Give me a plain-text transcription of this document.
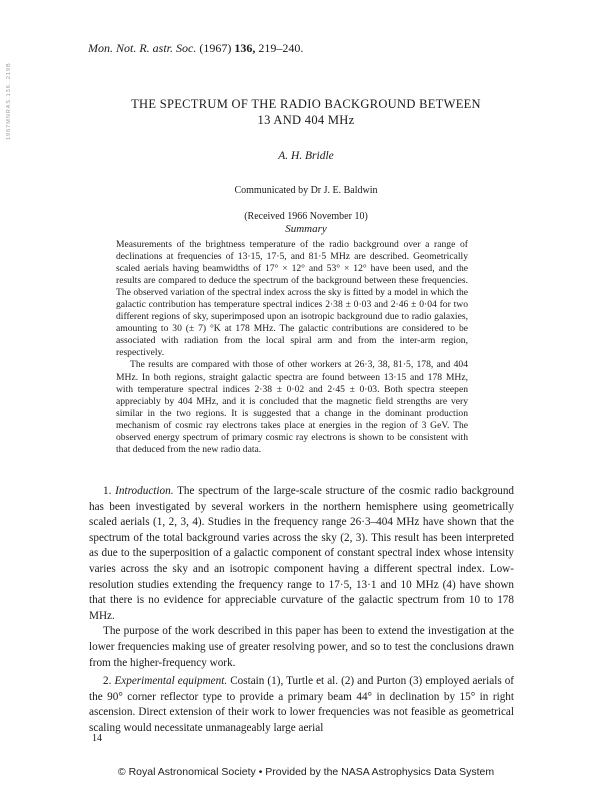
1967MNRAS.136..219B
Mon. Not. R. astr. Soc. (1967) 136, 219–240.
THE SPECTRUM OF THE RADIO BACKGROUND BETWEEN
13 AND 404 MHz
A. H. Bridle
Communicated by Dr J. E. Baldwin
(Received 1966 November 10)
Summary

Measurements of the brightness temperature of the radio background over a range of declinations at frequencies of 13·15, 17·5, and 81·5 MHz are described. Geometrically scaled aerials having beamwidths of 17° × 12° and 53° × 12° have been used, and the results are compared to deduce the spectrum of the background between these frequencies. The observed variation of the spectral index across the sky is fitted by a model in which the galactic contribution has temperature spectral indices 2·38 ± 0·03 and 2·46 ± 0·04 for two different regions of sky, superimposed upon an isotropic background due to radio galaxies, amounting to 30 (± 7) °K at 178 MHz. The galactic contributions are considered to be associated with radiation from the local spiral arm and from the inter-arm region, respectively.

The results are compared with those of other workers at 26·3, 38, 81·5, 178, and 404 MHz. In both regions, straight galactic spectra are found between 13·15 and 178 MHz, with temperature spectral indices 2·38 ± 0·02 and 2·45 ± 0·03. Both spectra steepen appreciably by 404 MHz, and it is concluded that the magnetic field strengths are very similar in the two regions. It is suggested that a change in the dominant production mechanism of cosmic ray electrons takes place at energies in the region of 3 GeV. The observed energy spectrum of primary cosmic ray electrons is shown to be consistent with that deduced from the new radio data.

1. Introduction. The spectrum of the large-scale structure of the cosmic radio background has been investigated by several workers in the northern hemisphere using geometrically scaled aerials (1, 2, 3, 4). Studies in the frequency range 26·3–404 MHz have shown that the spectrum of the total background varies across the sky (2, 3). This result has been interpreted as due to the superposition of a galactic component of constant spectral index whose intensity varies across the sky and an isotropic component having a different spectral index. Low-resolution studies extending the frequency range to 17·5, 13·1 and 10 MHz (4) have shown that there is no evidence for appreciable curvature of the galactic spectrum from 10 to 178 MHz.

The purpose of the work described in this paper has been to extend the investigation at the lower frequencies making use of greater resolving power, and so to test the conclusions drawn from the higher-frequency work.

2. Experimental equipment. Costain (1), Turtle et al. (2) and Purton (3) employed aerials of the 90° corner reflector type to provide a primary beam 44° in declination by 15° in right ascension. Direct extension of their work to lower frequencies was not feasible as geometrical scaling would necessitate unmanageably large aerial

14
© Royal Astronomical Society • Provided by the NASA Astrophysics Data System
